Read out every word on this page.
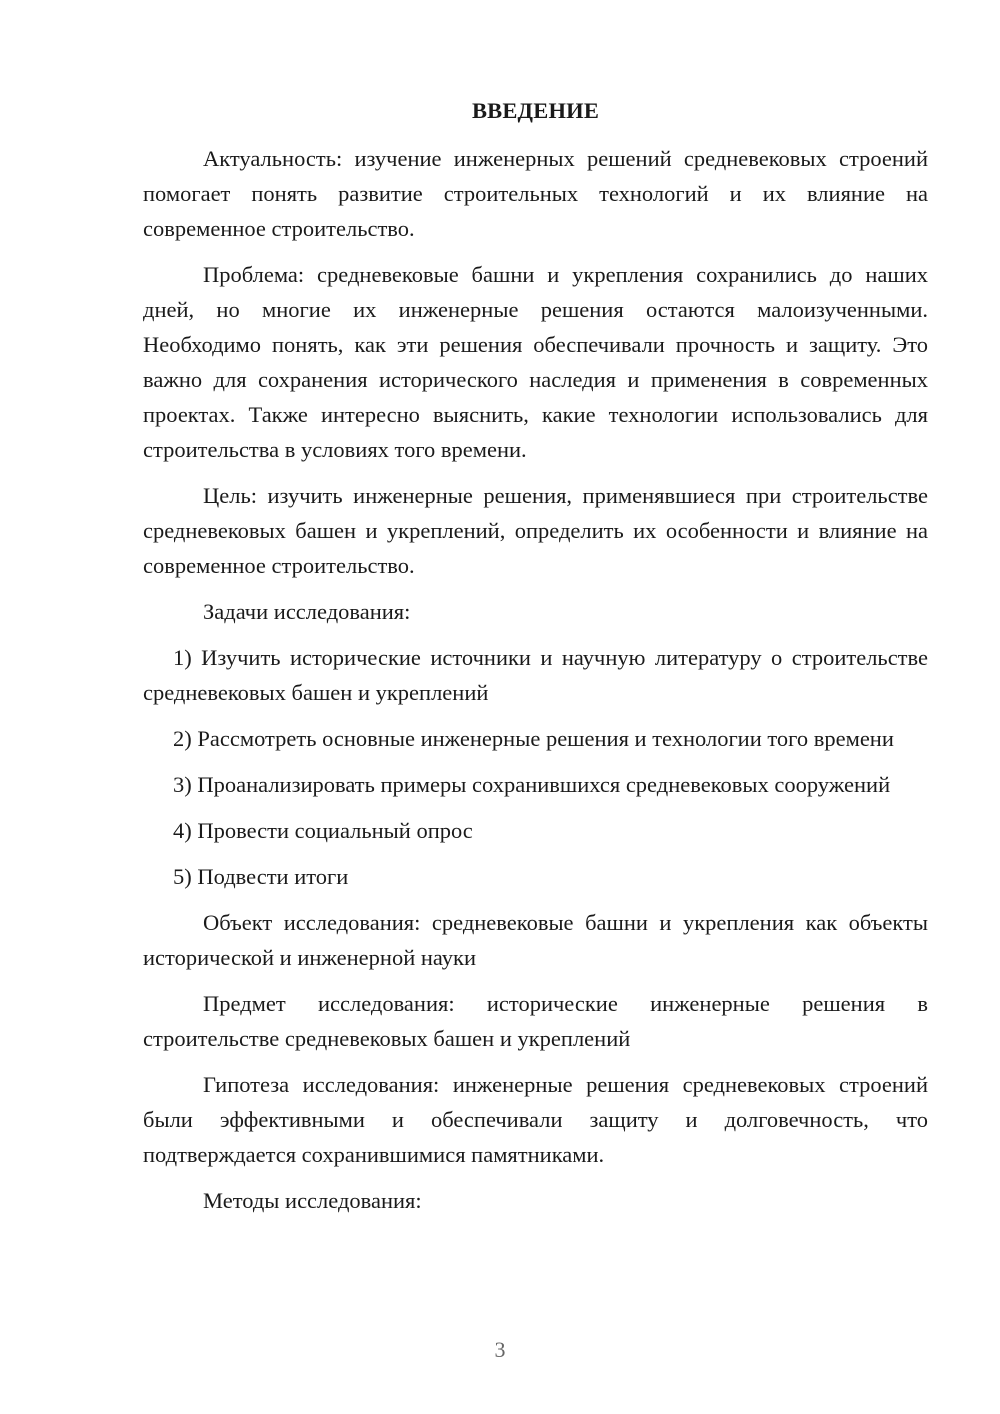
ВВЕДЕНИЕ

Актуальность: изучение инженерных решений средневековых строений помогает понять развитие строительных технологий и их влияние на современное строительство.

Проблема: средневековые башни и укрепления сохранились до наших дней, но многие их инженерные решения остаются малоизученными. Необходимо понять, как эти решения обеспечивали прочность и защиту. Это важно для сохранения исторического наследия и применения в современных проектах. Также интересно выяснить, какие технологии использовались для строительства в условиях того времени.

Цель: изучить инженерные решения, применявшиеся при строительстве средневековых башен и укреплений, определить их особенности и влияние на современное строительство.

Задачи исследования:

1) Изучить исторические источники и научную литературу о строительстве средневековых башен и укреплений

2) Рассмотреть основные инженерные решения и технологии того времени

3) Проанализировать примеры сохранившихся средневековых сооружений

4) Провести социальный опрос

5) Подвести итоги

Объект исследования: средневековые башни и укрепления как объекты исторической и инженерной науки

Предмет исследования: исторические инженерные решения в строительстве средневековых башен и укреплений

Гипотеза исследования: инженерные решения средневековых строений были эффективными и обеспечивали защиту и долговечность, что подтверждается сохранившимися памятниками.

Методы исследования:

3
